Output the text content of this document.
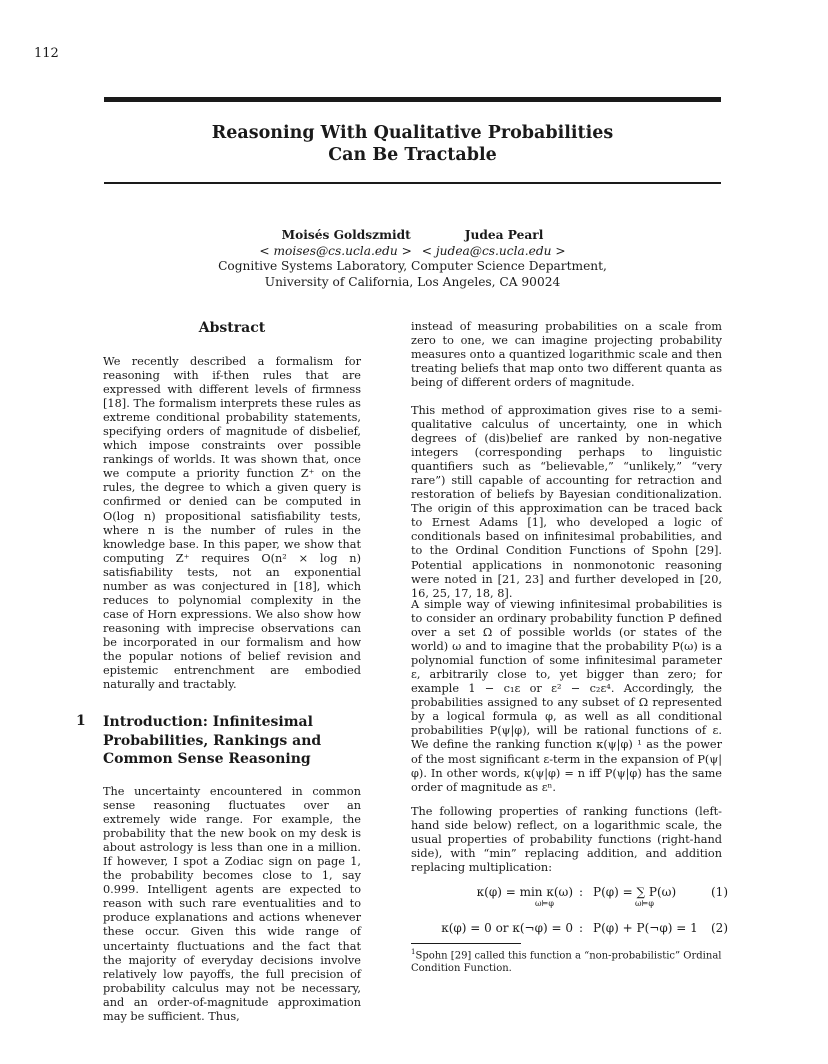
112
Reasoning With Qualitative Probabilities
Can Be Tractable
Moisés Goldszmidt	Judea Pearl
< moises@cs.ucla.edu > < judea@cs.ucla.edu >
Cognitive Systems Laboratory, Computer Science Department,
University of California, Los Angeles, CA 90024
Abstract
We recently described a formalism for reasoning with if-then rules that are expressed with different levels of firmness [18]. The formalism interprets these rules as extreme conditional probability statements, specifying orders of magnitude of disbelief, which impose constraints over possible rankings of worlds. It was shown that, once we compute a priority function Z⁺ on the rules, the degree to which a given query is confirmed or denied can be computed in O(log n) propositional satisfiability tests, where n is the number of rules in the knowledge base. In this paper, we show that computing Z⁺ requires O(n² × log n) satisfiability tests, not an exponential number as was conjectured in [18], which reduces to polynomial complexity in the case of Horn expressions. We also show how reasoning with imprecise observations can be incorporated in our formalism and how the popular notions of belief revision and epistemic entrenchment are embodied naturally and tractably.
1 Introduction: Infinitesimal
Probabilities, Rankings and
Common Sense Reasoning
The uncertainty encountered in common sense reasoning fluctuates over an extremely wide range. For example, the probability that the new book on my desk is about astrology is less than one in a million. If however, I spot a Zodiac sign on page 1, the probability becomes close to 1, say 0.999. Intelligent agents are expected to reason with such rare eventualities and to produce explanations and actions whenever these occur. Given this wide range of uncertainty fluctuations and the fact that the majority of everyday decisions involve relatively low payoffs, the full precision of probability calculus may not be necessary, and an order-of-magnitude approximation may be sufficient. Thus,
instead of measuring probabilities on a scale from zero to one, we can imagine projecting probability measures onto a quantized logarithmic scale and then treating beliefs that map onto two different quanta as being of different orders of magnitude.
This method of approximation gives rise to a semi-qualitative calculus of uncertainty, one in which degrees of (dis)belief are ranked by non-negative integers (corresponding perhaps to linguistic quantifiers such as “believable,” “unlikely,” “very rare”) still capable of accounting for retraction and restoration of beliefs by Bayesian conditionalization. The origin of this approximation can be traced back to Ernest Adams [1], who developed a logic of conditionals based on infinitesimal probabilities, and to the Ordinal Condition Functions of Spohn [29]. Potential applications in nonmonotonic reasoning were noted in [21, 23] and further developed in [20, 16, 25, 17, 18, 8].
A simple way of viewing infinitesimal probabilities is to consider an ordinary probability function P defined over a set Ω of possible worlds (or states of the world) ω and to imagine that the probability P(ω) is a polynomial function of some infinitesimal parameter ε, arbitrarily close to, yet bigger than zero; for example 1 − c₁ε or ε² − c₂ε⁴. Accordingly, the probabilities assigned to any subset of Ω represented by a logical formula φ, as well as all conditional probabilities P(ψ|φ), will be rational functions of ε. We define the ranking function κ(ψ|φ) ¹ as the power of the most significant ε-term in the expansion of P(ψ|φ). In other words, κ(ψ|φ) = n iff P(ψ|φ) has the same order of magnitude as εⁿ.
The following properties of ranking functions (left-hand side below) reflect, on a logarithmic scale, the usual properties of probability functions (right-hand side), with “min” replacing addition, and addition replacing multiplication:
κ(φ) = min κ(ω) : P(φ) = ∑ P(ω)	(1)
ω⊨φ	ω⊨φ
κ(φ) = 0 or κ(¬φ) = 0 : P(φ) + P(¬φ) = 1 (2)
$^1$Spohn [29] called this function a “non-probabilistic” Ordinal Condition Function.
